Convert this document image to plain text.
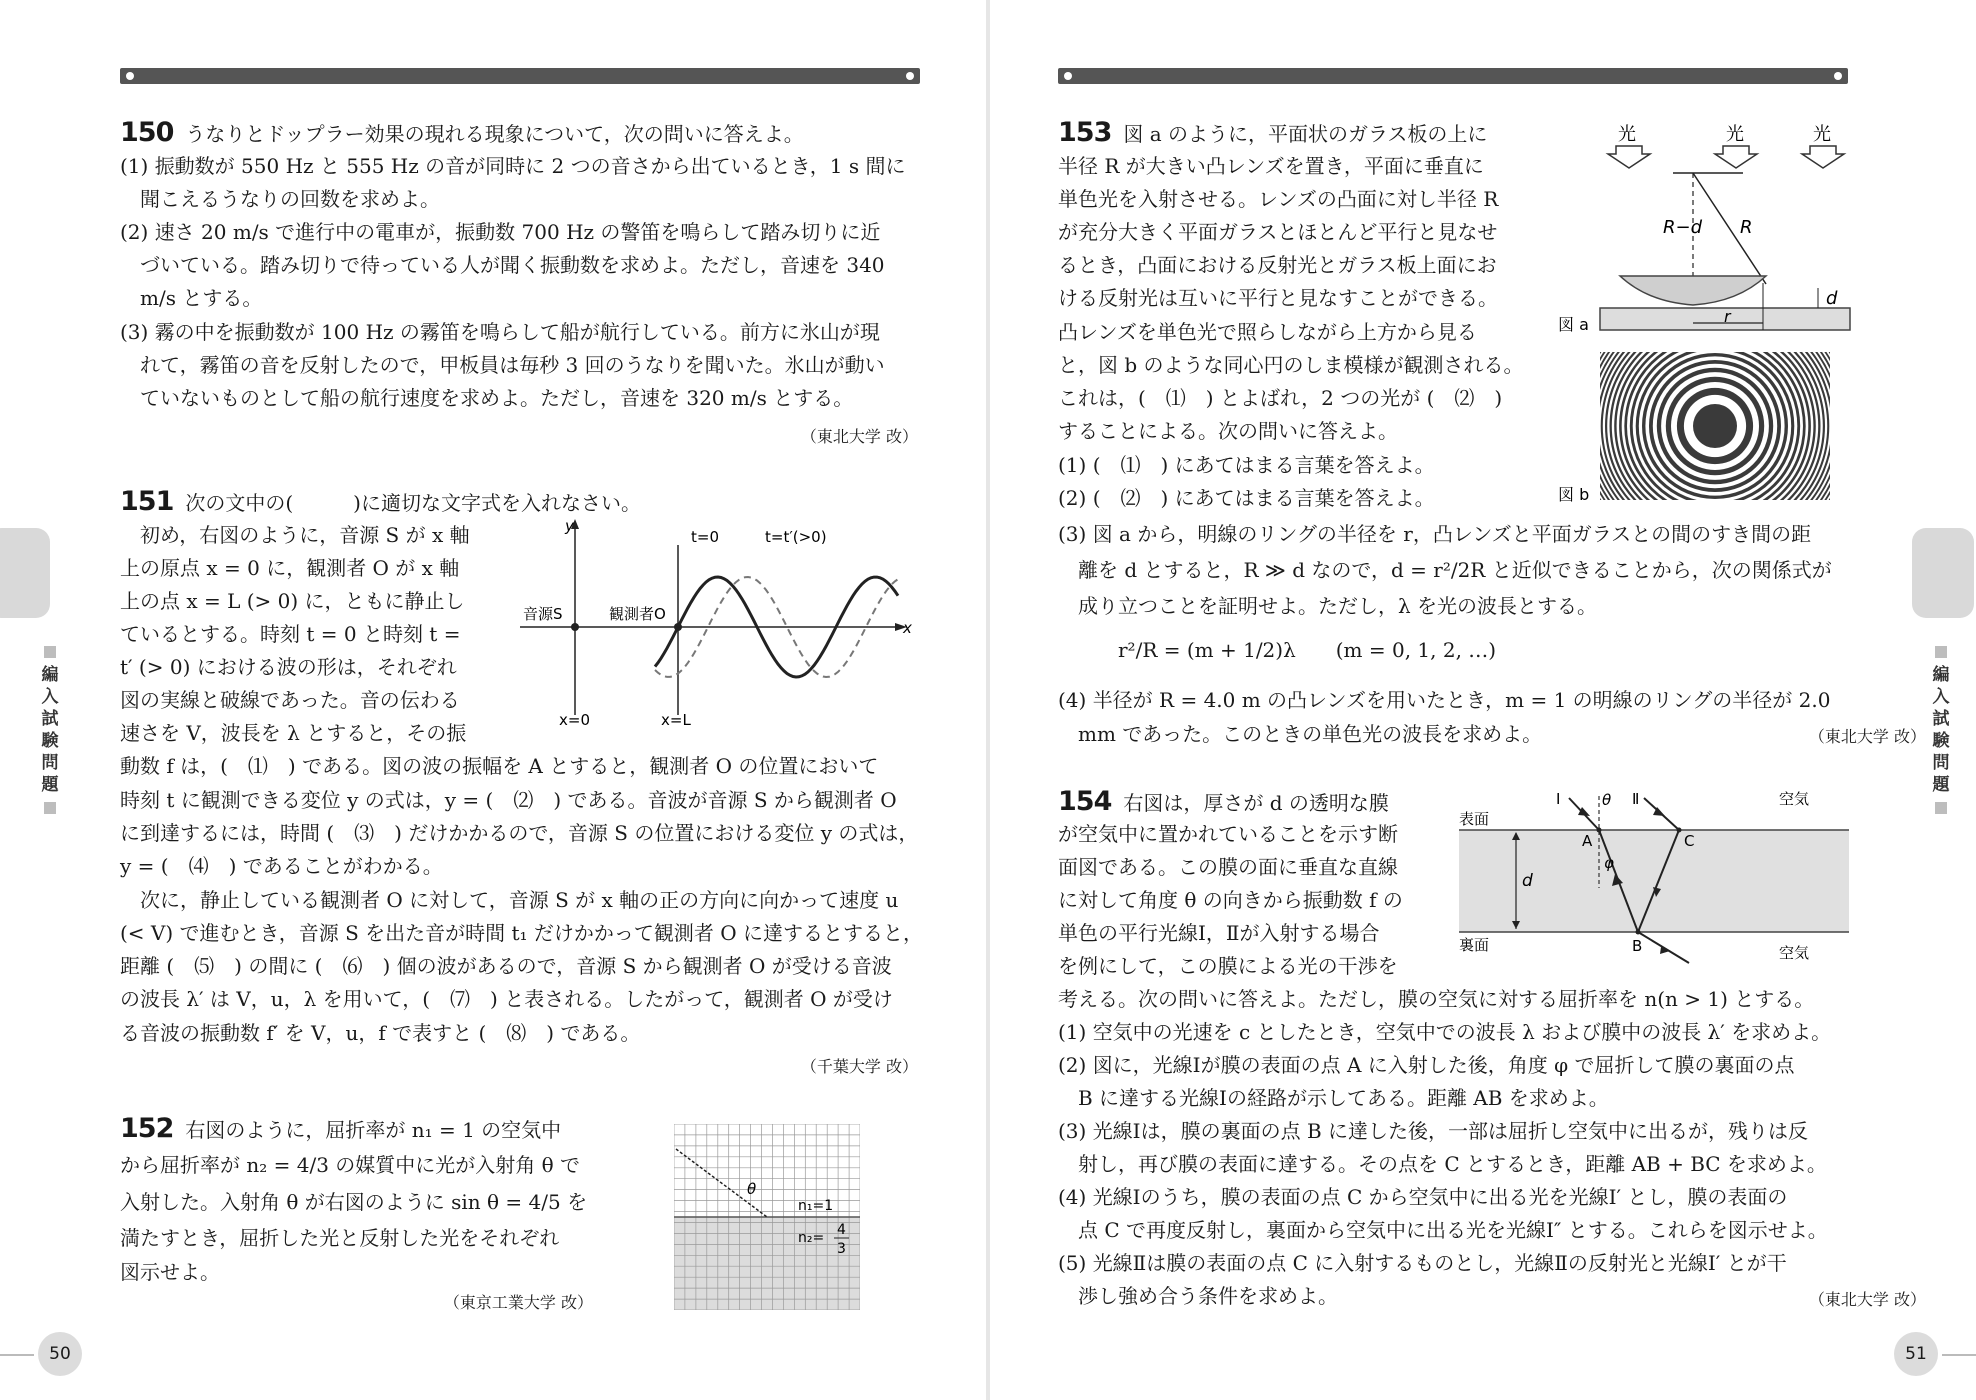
150 うなりとドップラー効果の現れる現象について，次の問いに答えよ。
(1) 振動数が 550 Hz と 555 Hz の音が同時に 2 つの音さから出ているとき，1 s 間に
聞こえるうなりの回数を求めよ。
(2) 速さ 20 m/s で進行中の電車が，振動数 700 Hz の警笛を鳴らして踏み切りに近
づいている。踏み切りで待っている人が聞く振動数を求めよ。ただし，音速を 340
m/s とする。
(3) 霧の中を振動数が 100 Hz の霧笛を鳴らして船が航行している。前方に氷山が現
れて，霧笛の音を反射したので，甲板員は毎秒 3 回のうなりを聞いた。氷山が動い
ていないものとして船の航行速度を求めよ。ただし，音速を 320 m/s とする。
（東北大学 改）
151 次の文中の(　　　)に適切な文字式を入れなさい。
初め，右図のように，音源 S が x 軸
上の原点 x = 0 に，観測者 O が x 軸
上の点 x = L (> 0) に，ともに静止し
ているとする。時刻 t = 0 と時刻 t =
t′ (> 0) における波の形は，それぞれ
図の実線と破線であった。音の伝わる
速さを V，波長を λ とすると，その振
動数 f は，(　⑴　) である。図の波の振幅を A とすると，観測者 O の位置において
時刻 t に観測できる変位 y の式は，y = (　⑵　) である。音波が音源 S から観測者 O
に到達するには，時間 (　⑶　) だけかかるので，音源 S の位置における変位 y の式は，
y = (　⑷　) であることがわかる。
次に，静止している観測者 O に対して，音源 S が x 軸の正の方向に向かって速度 u
(< V) で進むとき，音源 S を出た音が時間 t₁ だけかかって観測者 O に達するとすると，
距離 (　⑸　) の間に (　⑹　) 個の波があるので，音源 S から観測者 O が受ける音波
の波長 λ′ は V，u，λ を用いて，(　⑺　) と表される。したがって，観測者 O が受け
る音波の振動数 f′ を V，u，f で表すと (　⑻　) である。
（千葉大学 改）
y
x
音源S	観測者O
x=0	x=L
t=0	t=t′(>0)
152 右図のように，屈折率が n₁ = 1 の空気中
から屈折率が n₂ = 4/3 の媒質中に光が入射角 θ で
入射した。入射角 θ が右図のように sin θ = 4/5 を
満たすとき，屈折した光と反射した光をそれぞれ
図示せよ。
（東京工業大学 改）
θ
n₁=1
n₂= 4
3
編
入
試
験
問
題
50
153 図 a のように，平面状のガラス板の上に
半径 R が大きい凸レンズを置き，平面に垂直に
単色光を入射させる。レンズの凸面に対し半径 R
が充分大きく平面ガラスとほとんど平行と見なせ
るとき，凸面における反射光とガラス板上面にお
ける反射光は互いに平行と見なすことができる。
凸レンズを単色光で照らしながら上方から見る
と，図 b のような同心円のしま模様が観測される。
これは，(　⑴　) とよばれ，2 つの光が (　⑵　)
することによる。次の問いに答えよ。
(1) (　⑴　) にあてはまる言葉を答えよ。
(2) (　⑵　) にあてはまる言葉を答えよ。
(3) 図 a から，明線のリングの半径を r，凸レンズと平面ガラスとの間のすき間の距
離を d とすると，R ≫ d なので，d = r²/2R と近似できることから，次の関係式が
成り立つことを証明せよ。ただし，λ を光の波長とする。
r²/R = (m + 1/2)λ　　(m = 0, 1, 2, …)
(4) 半径が R = 4.0 m の凸レンズを用いたとき，m = 1 の明線のリングの半径が 2.0
mm であった。このときの単色光の波長を求めよ。	（東北大学 改）
光	光	光
R−d R
d
r
図 a
図 b
154 右図は，厚さが d の透明な膜
が空気中に置かれていることを示す断
面図である。この膜の面に垂直な直線
に対して角度 θ の向きから振動数 f の
単色の平行光線Ⅰ，Ⅱが入射する場合
を例にして，この膜による光の干渉を
考える。次の問いに答えよ。ただし，膜の空気に対する屈折率を n(n > 1) とする。
(1) 空気中の光速を c としたとき，空気中での波長 λ および膜中の波長 λ′ を求めよ。
(2) 図に，光線Ⅰが膜の表面の点 A に入射した後，角度 φ で屈折して膜の裏面の点
B に達する光線Ⅰの経路が示してある。距離 AB を求めよ。
(3) 光線Ⅰは，膜の裏面の点 B に達した後，一部は屈折し空気中に出るが，残りは反
射し，再び膜の表面に達する。その点を C とするとき，距離 AB + BC を求めよ。
(4) 光線Ⅰのうち，膜の表面の点 C から空気中に出る光を光線Ⅰ′ とし，膜の表面の
点 C で再度反射し，裏面から空気中に出る光を光線Ⅰ″ とする。これらを図示せよ。
(5) 光線Ⅱは膜の表面の点 C に入射するものとし，光線Ⅱの反射光と光線Ⅰ′ とが干
渉し強め合う条件を求めよ。	（東北大学 改）
Ⅰ	Ⅱ
θ
φ
表面
裏面
空気
空気
A
B
C
d
編
入
試
験
問
題
51
